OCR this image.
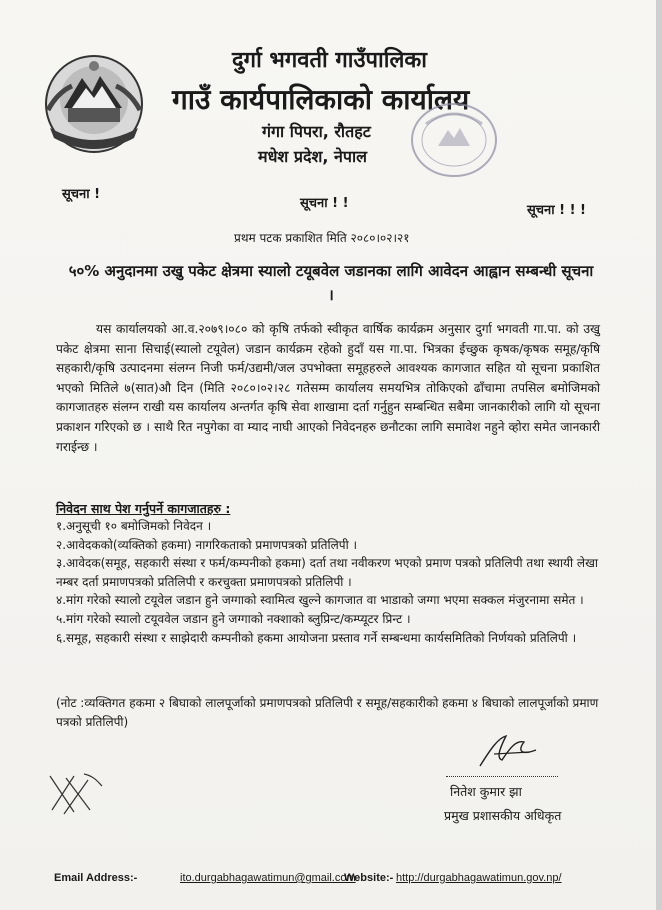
दुर्गा भगवती गाउँपालिका
गाउँ कार्यपालिकाको कार्यालय
गंगा पिपरा, रौतहट
मधेश प्रदेश, नेपाल
सूचना !
सूचना ! !	सूचना ! ! !
प्रथम पटक प्रकाशित मिति २०८०।०२।२१
५०% अनुदानमा उखु पकेट क्षेत्रमा स्यालो टयूबवेल जडानका लागि आवेदन आह्वान सम्बन्धी सूचना ।
यस कार्यालयको आ.व.२०७९।०८० को कृषि तर्फको स्वीकृत वार्षिक कार्यक्रम अनुसार दुर्गा भगवती गा.पा. को उखु पकेट क्षेत्रमा साना सिचाई(स्यालो टयूवेल) जडान कार्यक्रम रहेको हुदाँ यस गा.पा. भित्रका ईच्छुक कृषक/कृषक समूह/कृषि सहकारी/कृषि उत्पादनमा संलग्न निजी फर्म/उद्यमी/जल उपभोक्ता समूहहरुले आवश्यक कागजात सहित यो सूचना प्रकाशित भएको मितिले ७(सात)औ दिन (मिति २०८०।०२।२८ गतेसम्म कार्यालय समयभित्र तोकिएको ढाँचामा तपसिल बमोजिमको कागजातहरु संलग्न राखी यस कार्यालय अन्तर्गत कृषि सेवा शाखामा दर्ता गर्नुहुन सम्बन्धित सबैमा जानकारीको लागि यो सूचना प्रकाशन गरिएको छ । साथै रित नपुगेका वा म्याद नाघी आएको निवेदनहरु छनौटका लागि समावेश नहुने व्होरा समेत जानकारी गराईन्छ ।
निवेदन साथ पेश गर्नुपर्ने कागजातहरु :
१.अनुसूची १० बमोजिमको निवेदन ।
२.आवेदकको(व्यक्तिको हकमा) नागरिकताको प्रमाणपत्रको प्रतिलिपी ।
३.आवेदक(समूह, सहकारी संस्था र फर्म/कम्पनीको हकमा) दर्ता तथा नवीकरण भएको प्रमाण पत्रको प्रतिलिपी तथा स्थायी लेखा नम्बर दर्ता प्रमाणपत्रको प्रतिलिपी र करचुक्ता प्रमाणपत्रको प्रतिलिपी ।
४.मांग गरेको स्यालो टयूवेल जडान हुने जग्गाको स्वामित्व खुल्ने कागजात वा भाडाको जग्गा भएमा सक्कल मंजुरनामा समेत ।
५.मांग गरेको स्यालो टयूववेल जडान हुने जग्गाको नक्शाको ब्लुप्रिन्ट/कम्प्यूटर प्रिन्ट ।
६.समूह, सहकारी संस्था र साझेदारी कम्पनीको हकमा आयोजना प्रस्ताव गर्ने सम्बन्धमा कार्यसमितिको निर्णयको प्रतिलिपी ।
(नोट :व्यक्तिगत हकमा २ बिघाको लालपूर्जाको प्रमाणपत्रको प्रतिलिपी र समूह/सहकारीको हकमा ४ बिघाको लालपूर्जाको प्रमाण पत्रको प्रतिलिपी)
नितेश कुमार झा
प्रमुख प्रशासकीय अधिकृत
Email Address:-	ito.durgabhagawatimun@gmail.com
Website:- http://durgabhagawatimun.gov.np/
